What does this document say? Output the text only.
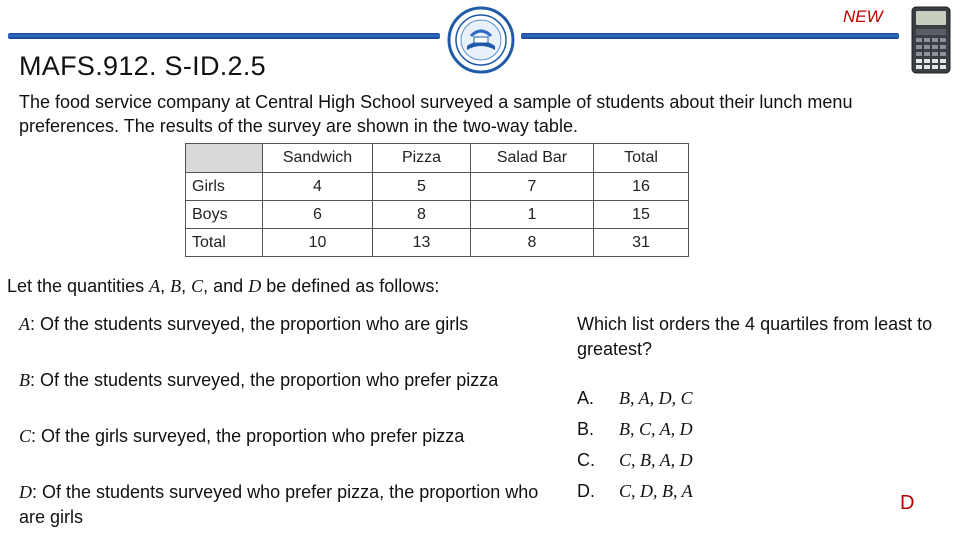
NEW
MAFS.912. S-ID.2.5
The food service company at Central High School surveyed a sample of students about their lunch menu preferences. The results of the survey are shown in the two-way table.
	Sandwich	Pizza	Salad Bar	Total
Girls	4	5	7	16
Boys	6	8	1	15
Total	10	13	8	31
Let the quantities A, B, C, and D be defined as follows:
A: Of the students surveyed, the proportion who are girls
B: Of the students surveyed, the proportion who prefer pizza
C: Of the girls surveyed, the proportion who prefer pizza
D: Of the students surveyed who prefer pizza, the proportion who are girls
Which list orders the 4 quartiles from least to greatest?
A. B, A, D, C
B. B, C, A, D
C. C, B, A, D
D. C, D, B, A
D
